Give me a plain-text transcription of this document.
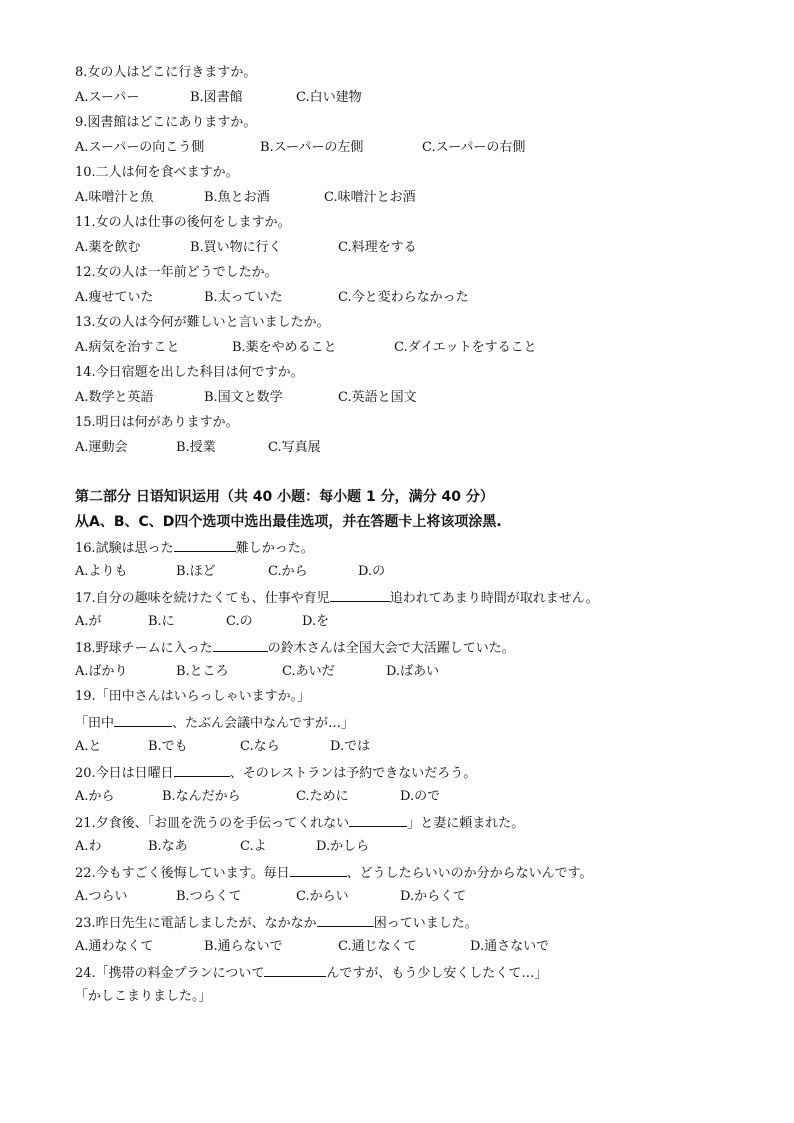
8.女の人はどこに行きますか。
A.スーパー	B.図書館	C.白い建物
9.図書館はどこにありますか。
A.スーパーの向こう側	B.スーパーの左側	C.スーパーの右側
10.二人は何を食べますか。
A.味噌汁と魚	B.魚とお酒	C.味噌汁とお酒
11.女の人は仕事の後何をしますか。
A.薬を飲む	B.買い物に行く	C.料理をする
12.女の人は一年前どうでしたか。
A.痩せていた	B.太っていた	C.今と変わらなかった
13.女の人は今何が難しいと言いましたか。
A.病気を治すこと	B.薬をやめること	C.ダイエットをすること
14.今日宿題を出した科目は何ですか。
A.数学と英語	B.国文と数学	C.英語と国文
15.明日は何がありますか。
A.運動会	B.授業	C.写真展
第二部分 日语知识运用（共 40 小题：每小题 1 分，满分 40 分）
从A、B、C、D四个选项中选出最佳选项，并在答题卡上将该项涂黑.
16.試験は思った	難しかった。
A.よりも	B.ほど	C.から	D.の
17.自分の趣味を続けたくても、仕事や育児	追われてあまり時間が取れません。
A.が	B.に	C.の	D.を
18.野球チームに入った	の鈴木さんは全国大会で大活躍していた。
A.ばかり	B.ところ	C.あいだ	D.ばあい
19.「田中さんはいらっしゃいますか。」
「田中	、たぶん会議中なんですが…」
A.と	B.でも	C.なら	D.では
20.今日は日曜日	、そのレストランは予約できないだろう。
A.から	B.なんだから	C.ために	D.ので
21.夕食後、「お皿を洗うのを手伝ってくれない	」と妻に頼まれた。
A.わ	B.なあ	C.よ	D.かしら
22.今もすごく後悔しています。毎日	、どうしたらいいのか分からないんです。
A.つらい	B.つらくて	C.からい	D.からくて
23.昨日先生に電話しましたが、なかなか	困っていました。
A.通わなくて	B.通らないで	C.通じなくて	D.通さないで
24.「携帯の料金プランについて	んですが、もう少し安くしたくて…」
「かしこまりました。」
